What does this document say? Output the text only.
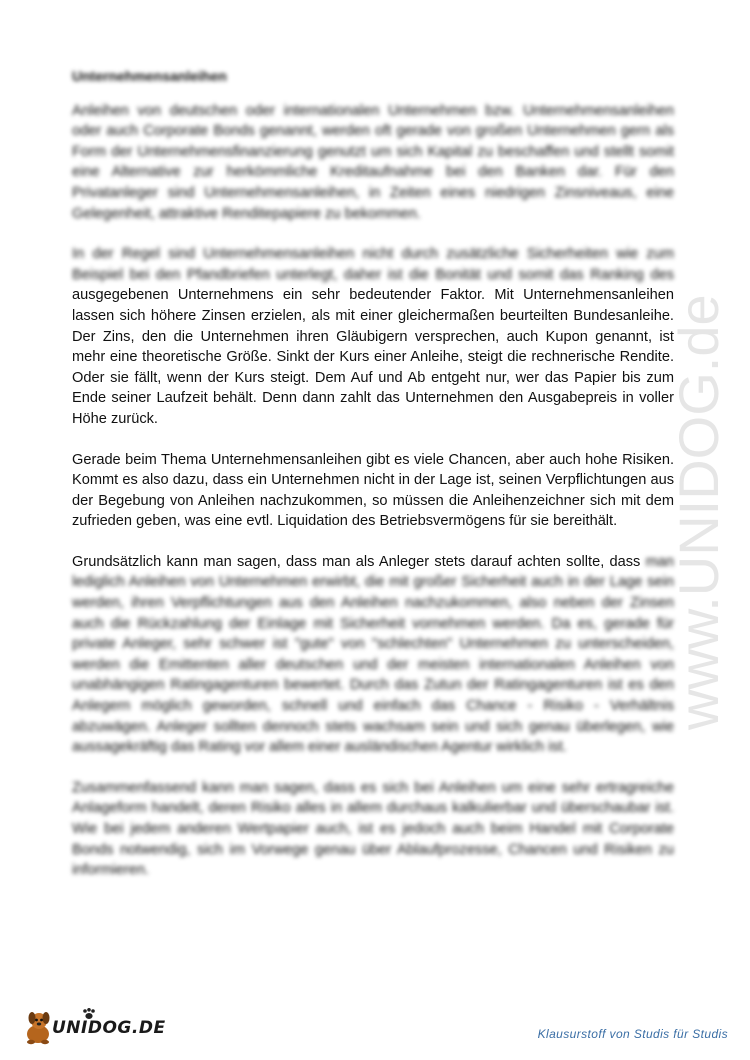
Unternehmensanleihen

Anleihen von deutschen oder internationalen Unternehmen bzw. Unternehmensanleihen oder auch Corporate Bonds genannt, werden oft gerade von großen Unternehmen gern als Form der Unternehmensfinanzierung genutzt um sich Kapital zu beschaffen und stellt somit eine Alternative zur herkömmliche Kreditaufnahme bei den Banken dar. Für den Privatanleger sind Unternehmensanleihen, in Zeiten eines niedrigen Zinsniveaus, eine Gelegenheit, attraktive Renditepapiere zu bekommen.

In der Regel sind Unternehmensanleihen nicht durch zusätzliche Sicherheiten wie zum Beispiel bei den Pfandbriefen unterlegt, daher ist die Bonität und somit das Ranking des ausgegebenen Unternehmens ein sehr bedeutender Faktor. Mit Unternehmensanleihen lassen sich höhere Zinsen erzielen, als mit einer gleichermaßen beurteilten Bundesanleihe. Der Zins, den die Unternehmen ihren Gläubigern versprechen, auch Kupon genannt, ist mehr eine theoretische Größe. Sinkt der Kurs einer Anleihe, steigt die rechnerische Rendite. Oder sie fällt, wenn der Kurs steigt. Dem Auf und Ab entgeht nur, wer das Papier bis zum Ende seiner Laufzeit behält. Denn dann zahlt das Unternehmen den Ausgabepreis in voller Höhe zurück.

Gerade beim Thema Unternehmensanleihen gibt es viele Chancen, aber auch hohe Risiken. Kommt es also dazu, dass ein Unternehmen nicht in der Lage ist, seinen Verpflichtungen aus der Begebung von Anleihen nachzukommen, so müssen die Anleihenzeichner sich mit dem zufrieden geben, was eine evtl. Liquidation des Betriebsvermögens für sie bereithält.

Grundsätzlich kann man sagen, dass man als Anleger stets darauf achten sollte, dass man lediglich Anleihen von Unternehmen erwirbt, die mit großer Sicherheit auch in der Lage sein werden, ihren Verpflichtungen aus den Anleihen nachzukommen, also neben der Zinsen auch die Rückzahlung der Einlage mit Sicherheit vornehmen werden. Da es, gerade für private Anleger, sehr schwer ist "gute" von "schlechten" Unternehmen zu unterscheiden, werden die Emittenten aller deutschen und der meisten internationalen Anleihen von unabhängigen Ratingagenturen bewertet. Durch das Zutun der Ratingagenturen ist es den Anlegern möglich geworden, schnell und einfach das Chance - Risiko - Verhältnis abzuwägen. Anleger sollten dennoch stets wachsam sein und sich genau überlegen, wie aussagekräftig das Rating vor allem einer ausländischen Agentur wirklich ist.

Zusammenfassend kann man sagen, dass es sich bei Anleihen um eine sehr ertragreiche Anlageform handelt, deren Risiko alles in allem durchaus kalkulierbar und überschaubar ist. Wie bei jedem anderen Wertpapier auch, ist es jedoch auch beim Handel mit Corporate Bonds notwendig, sich im Vorwege genau über Ablaufprozesse, Chancen und Risiken zu informieren.

www.UNIDOG.de
UNIDOG.DE	Klausurstoff von Studis für Studis
